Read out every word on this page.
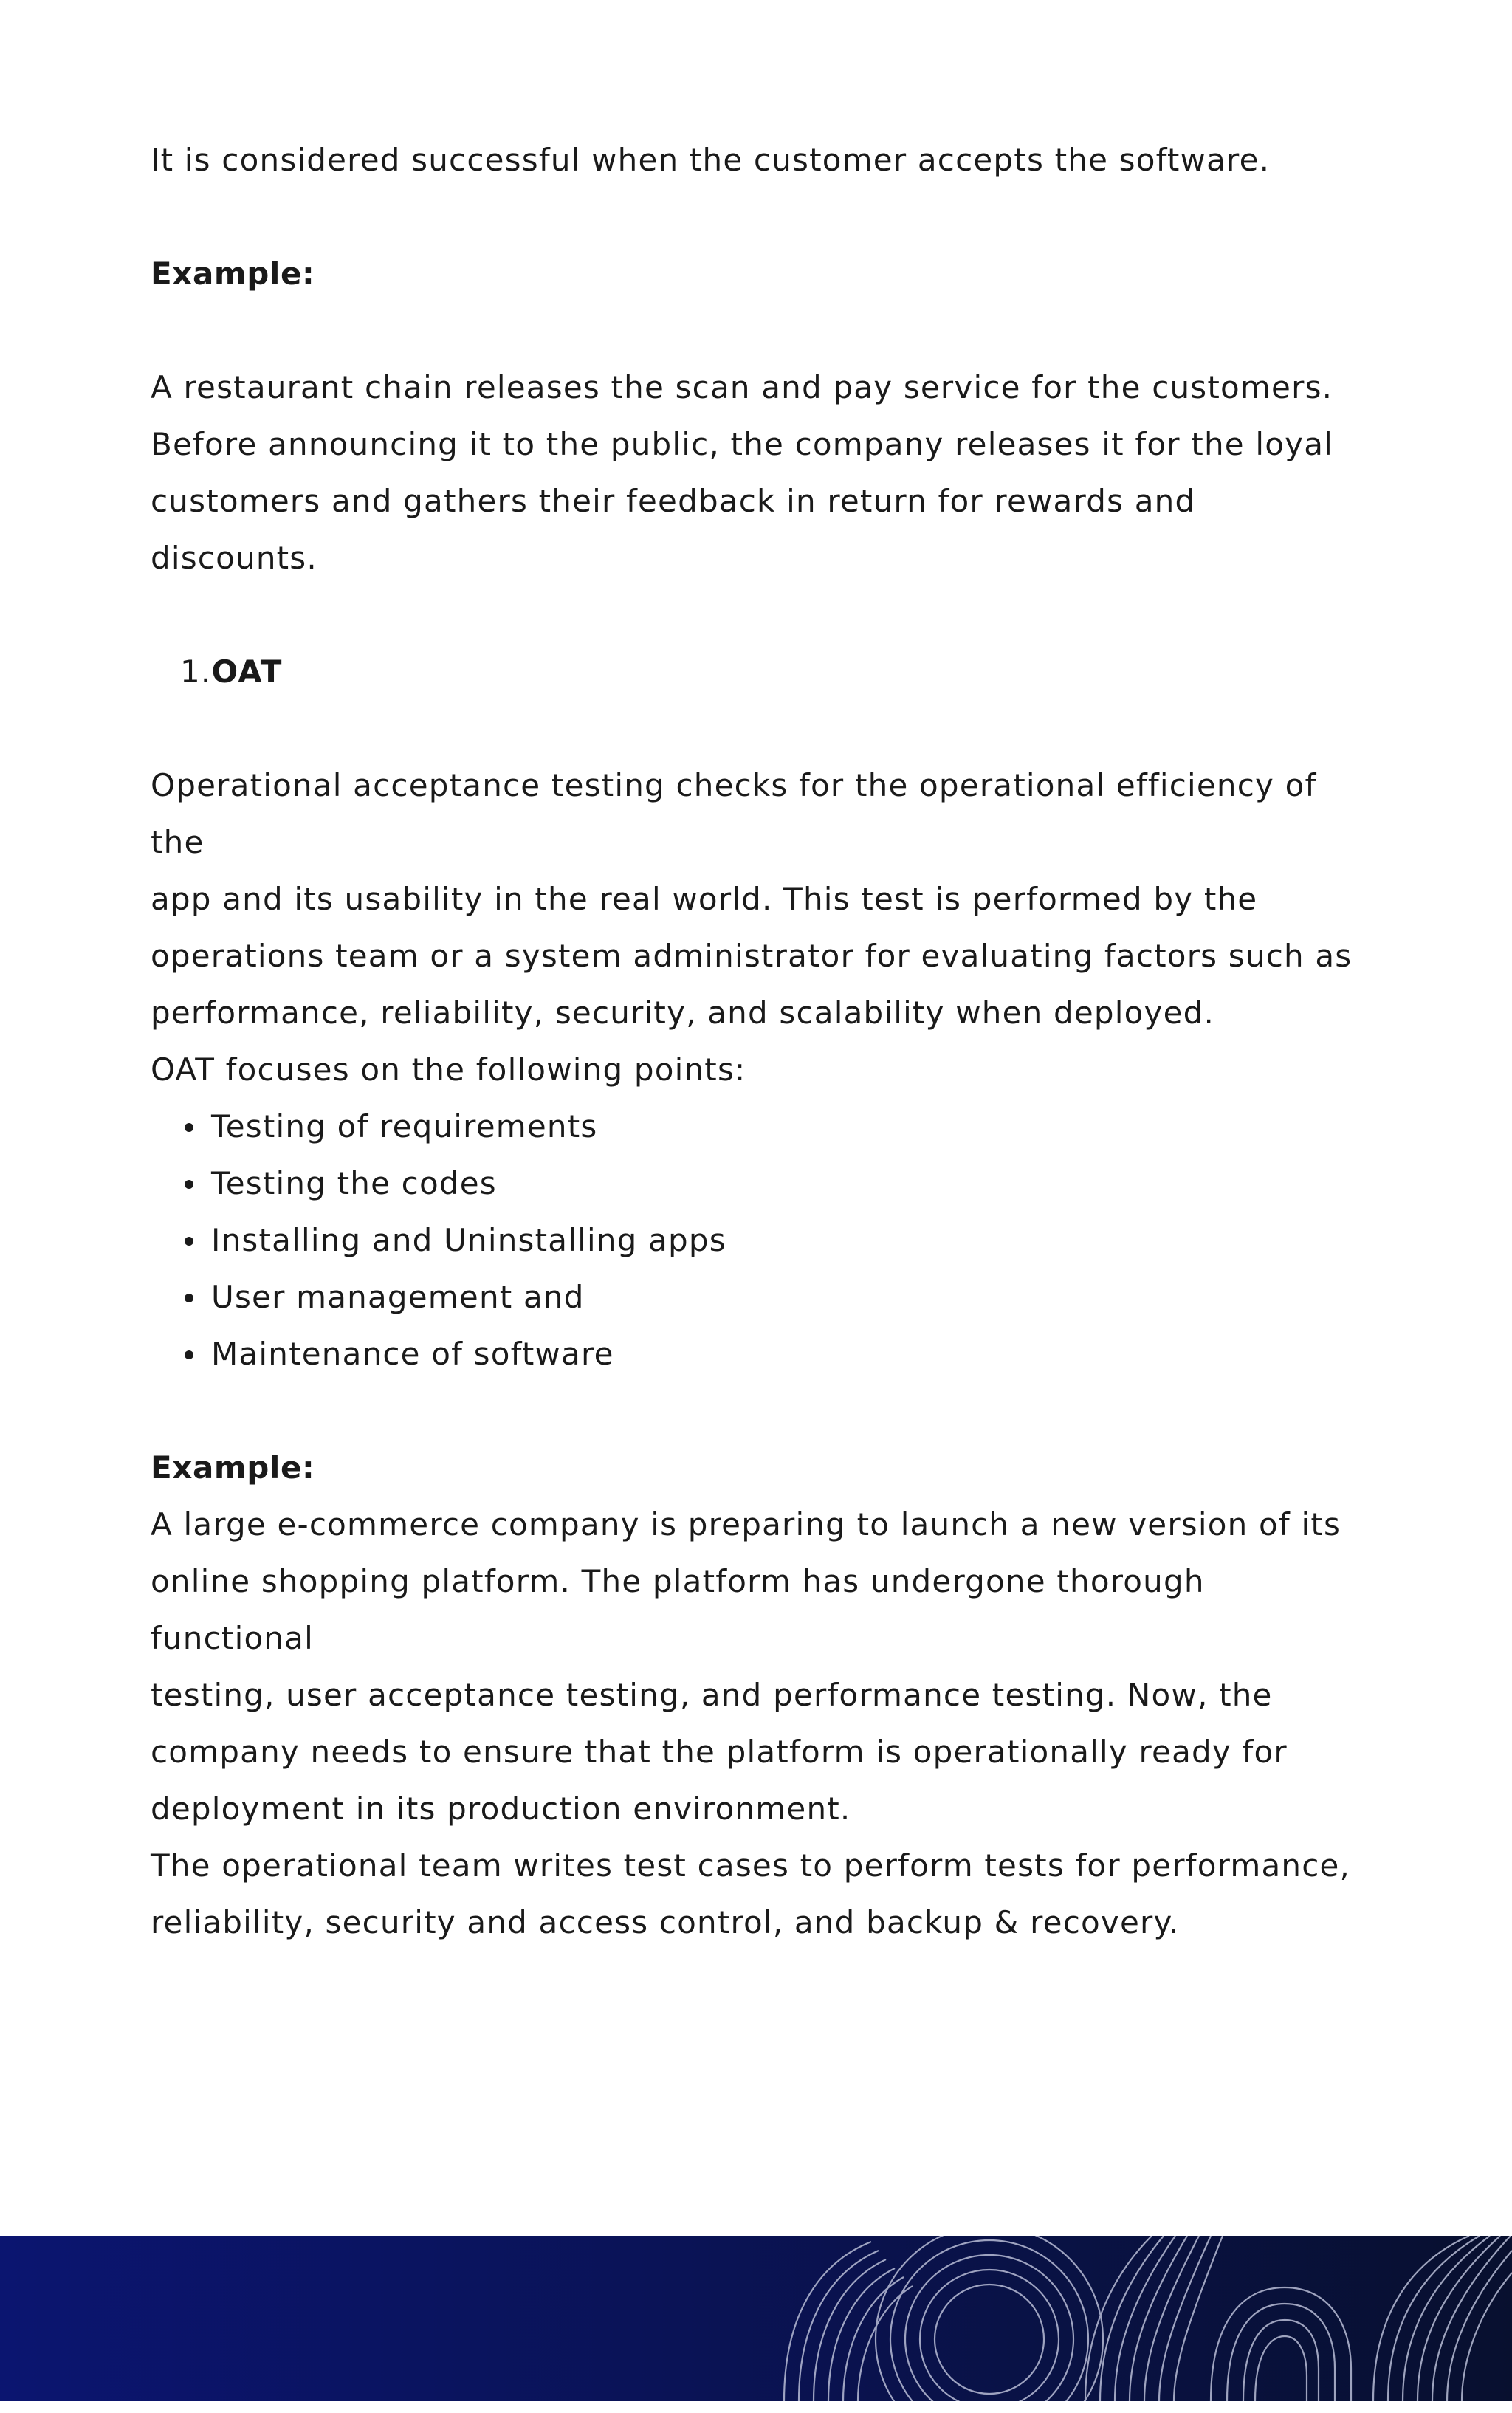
It is considered successful when the customer accepts the software.

Example:

A restaurant chain releases the scan and pay service for the customers.

Before announcing it to the public, the company releases it for the loyal

customers and gathers their feedback in return for rewards and discounts.

1.OAT

Operational acceptance testing checks for the operational efficiency of the

app and its usability in the real world. This test is performed by the

operations team or a system administrator for evaluating factors such as

performance, reliability, security, and scalability when deployed.

OAT focuses on the following points:

Testing of requirements
Testing the codes
Installing and Uninstalling apps
User management and
Maintenance of software

Example:

A large e-commerce company is preparing to launch a new version of its

online shopping platform. The platform has undergone thorough functional

testing, user acceptance testing, and performance testing. Now, the

company needs to ensure that the platform is operationally ready for

deployment in its production environment.

The operational team writes test cases to perform tests for performance,

reliability, security and access control, and backup & recovery.
